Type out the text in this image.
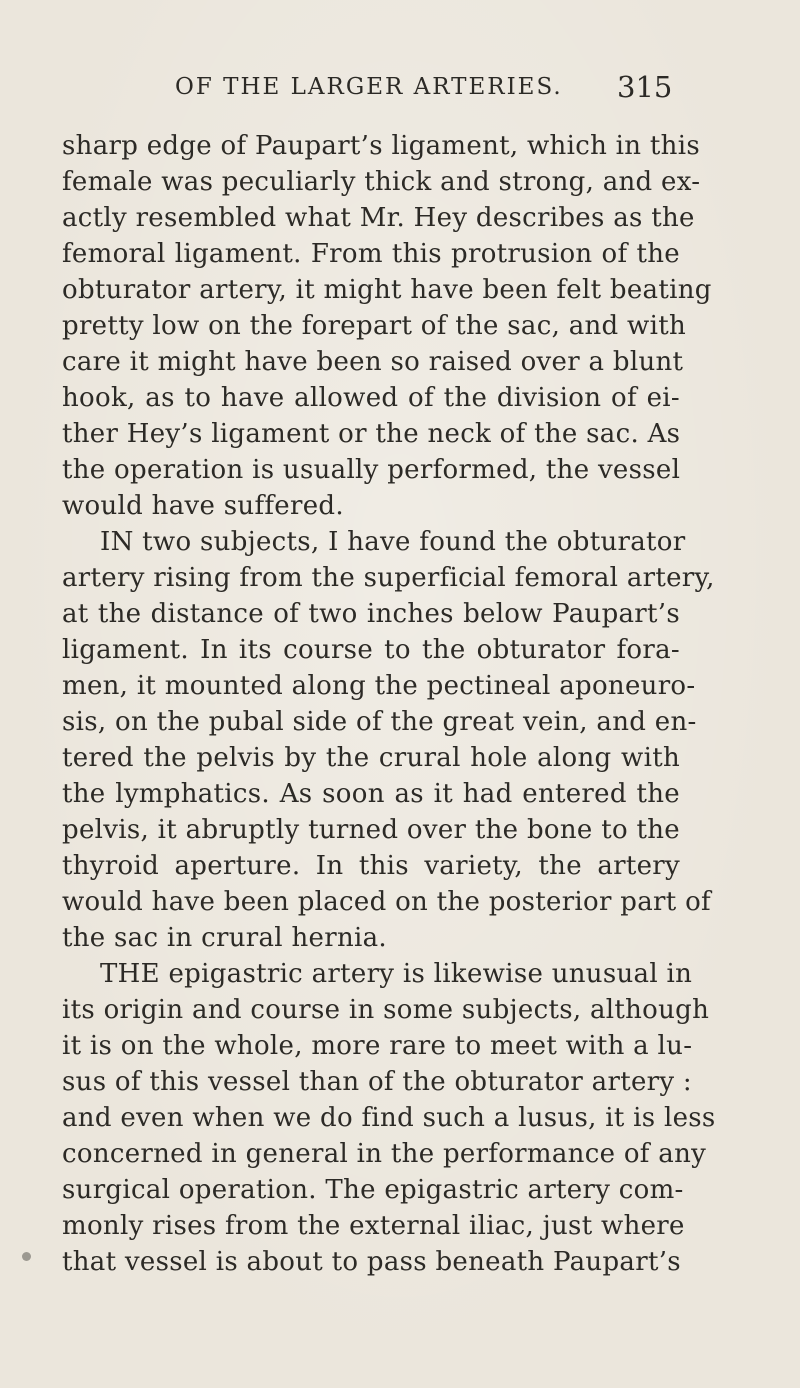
OF THE LARGER ARTERIES. 315
sharp edge of Paupart’s ligament, which in this
female was peculiarly thick and strong, and ex-
actly resembled what Mr. Hey describes as the
femoral ligament. From this protrusion of the
obturator artery, it might have been felt beating
pretty low on the forepart of the sac, and with
care it might have been so raised over a blunt
hook, as to have allowed of the division of ei-
ther Hey’s ligament or the neck of the sac. As
the operation is usually performed, the vessel
would have suffered.
IN two subjects, I have found the obturator
artery rising from the superficial femoral artery,
at the distance of two inches below Paupart’s
ligament. In its course to the obturator fora-
men, it mounted along the pectineal aponeuro-
sis, on the pubal side of the great vein, and en-
tered the pelvis by the crural hole along with
the lymphatics. As soon as it had entered the
pelvis, it abruptly turned over the bone to the
thyroid aperture. In this variety, the artery
would have been placed on the posterior part of
the sac in crural hernia.
THE epigastric artery is likewise unusual in
its origin and course in some subjects, although
it is on the whole, more rare to meet with a lu-
sus of this vessel than of the obturator artery :
and even when we do find such a lusus, it is less
concerned in general in the performance of any
surgical operation. The epigastric artery com-
monly rises from the external iliac, just where
that vessel is about to pass beneath Paupart’s
